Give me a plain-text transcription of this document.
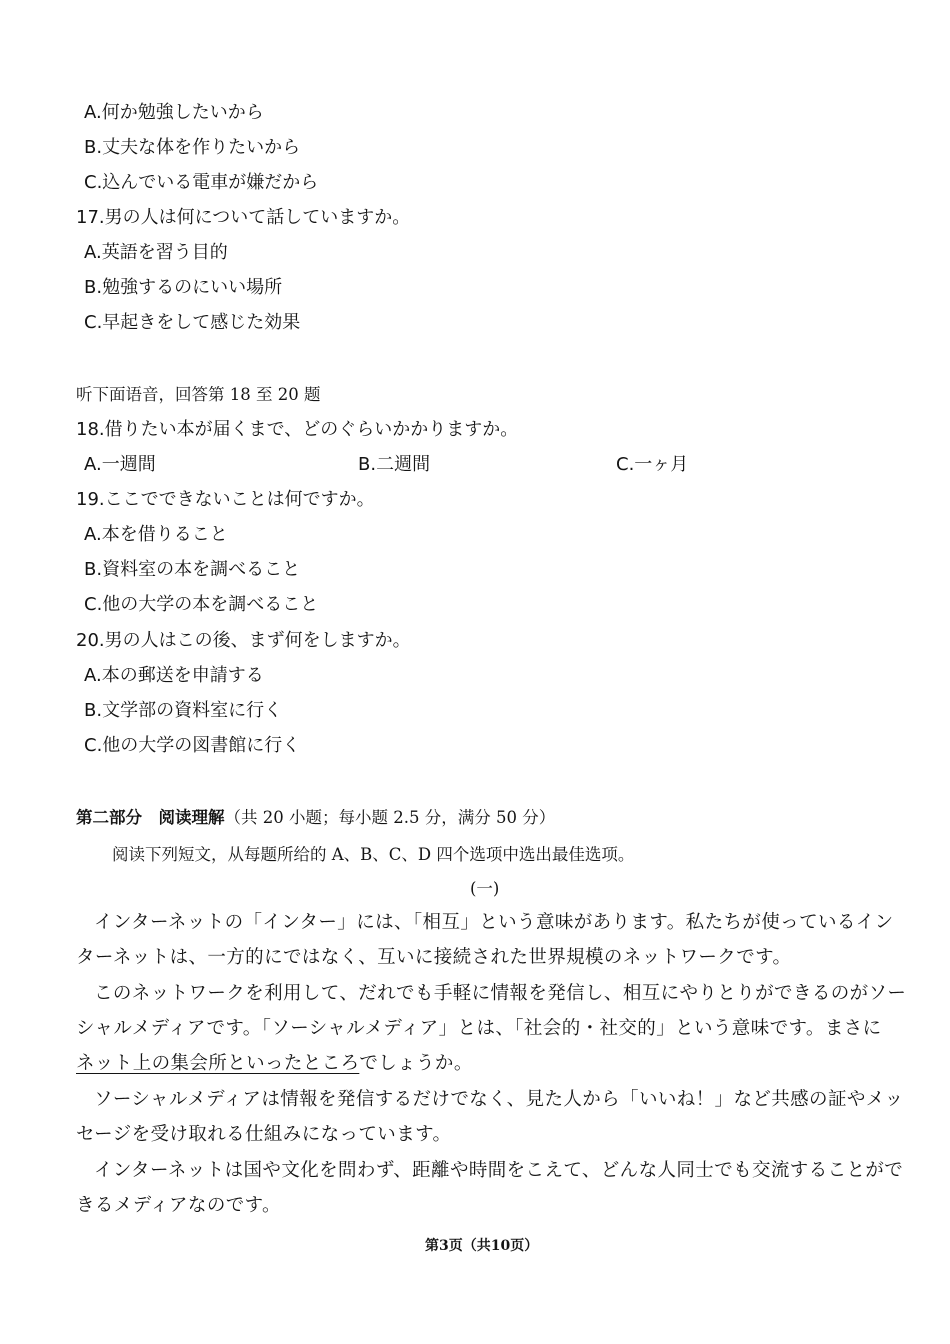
A.何か勉強したいから
B.丈夫な体を作りたいから
C.込んでいる電車が嫌だから
17.男の人は何について話していますか。
A.英語を習う目的
B.勉強するのにいい場所
C.早起きをして感じた効果
听下面语音，回答第 18 至 20 题
18.借りたい本が届くまで、どのぐらいかかりますか。
A.一週間	B.二週間	C.一ヶ月
19.ここでできないことは何ですか。
A.本を借りること
B.資料室の本を調べること
C.他の大学の本を調べること
20.男の人はこの後、まず何をしますか。
A.本の郵送を申請する
B.文学部の資料室に行く
C.他の大学の図書館に行く
第二部分　阅读理解（共 20 小题；每小题 2.5 分，满分 50 分）
阅读下列短文，从每题所给的 A、B、C、D 四个选项中选出最佳选项。
(一)
インターネットの「インター」には、「相互」という意味があります。私たちが使っているイン
ターネットは、一方的にではなく、互いに接続された世界規模のネットワークです。
このネットワークを利用して、だれでも手軽に情報を発信し、相互にやりとりができるのがソー
シャルメディアです。「ソーシャルメディア」とは、「社会的・社交的」という意味です。まさに
ネット上の集会所といったところでしょうか。
ソーシャルメディアは情報を発信するだけでなく、見た人から「いいね！」など共感の証やメッ
セージを受け取れる仕組みになっています。
インターネットは国や文化を問わず、距離や時間をこえて、どんな人同士でも交流することがで
きるメディアなのです。
第3页（共10页）
